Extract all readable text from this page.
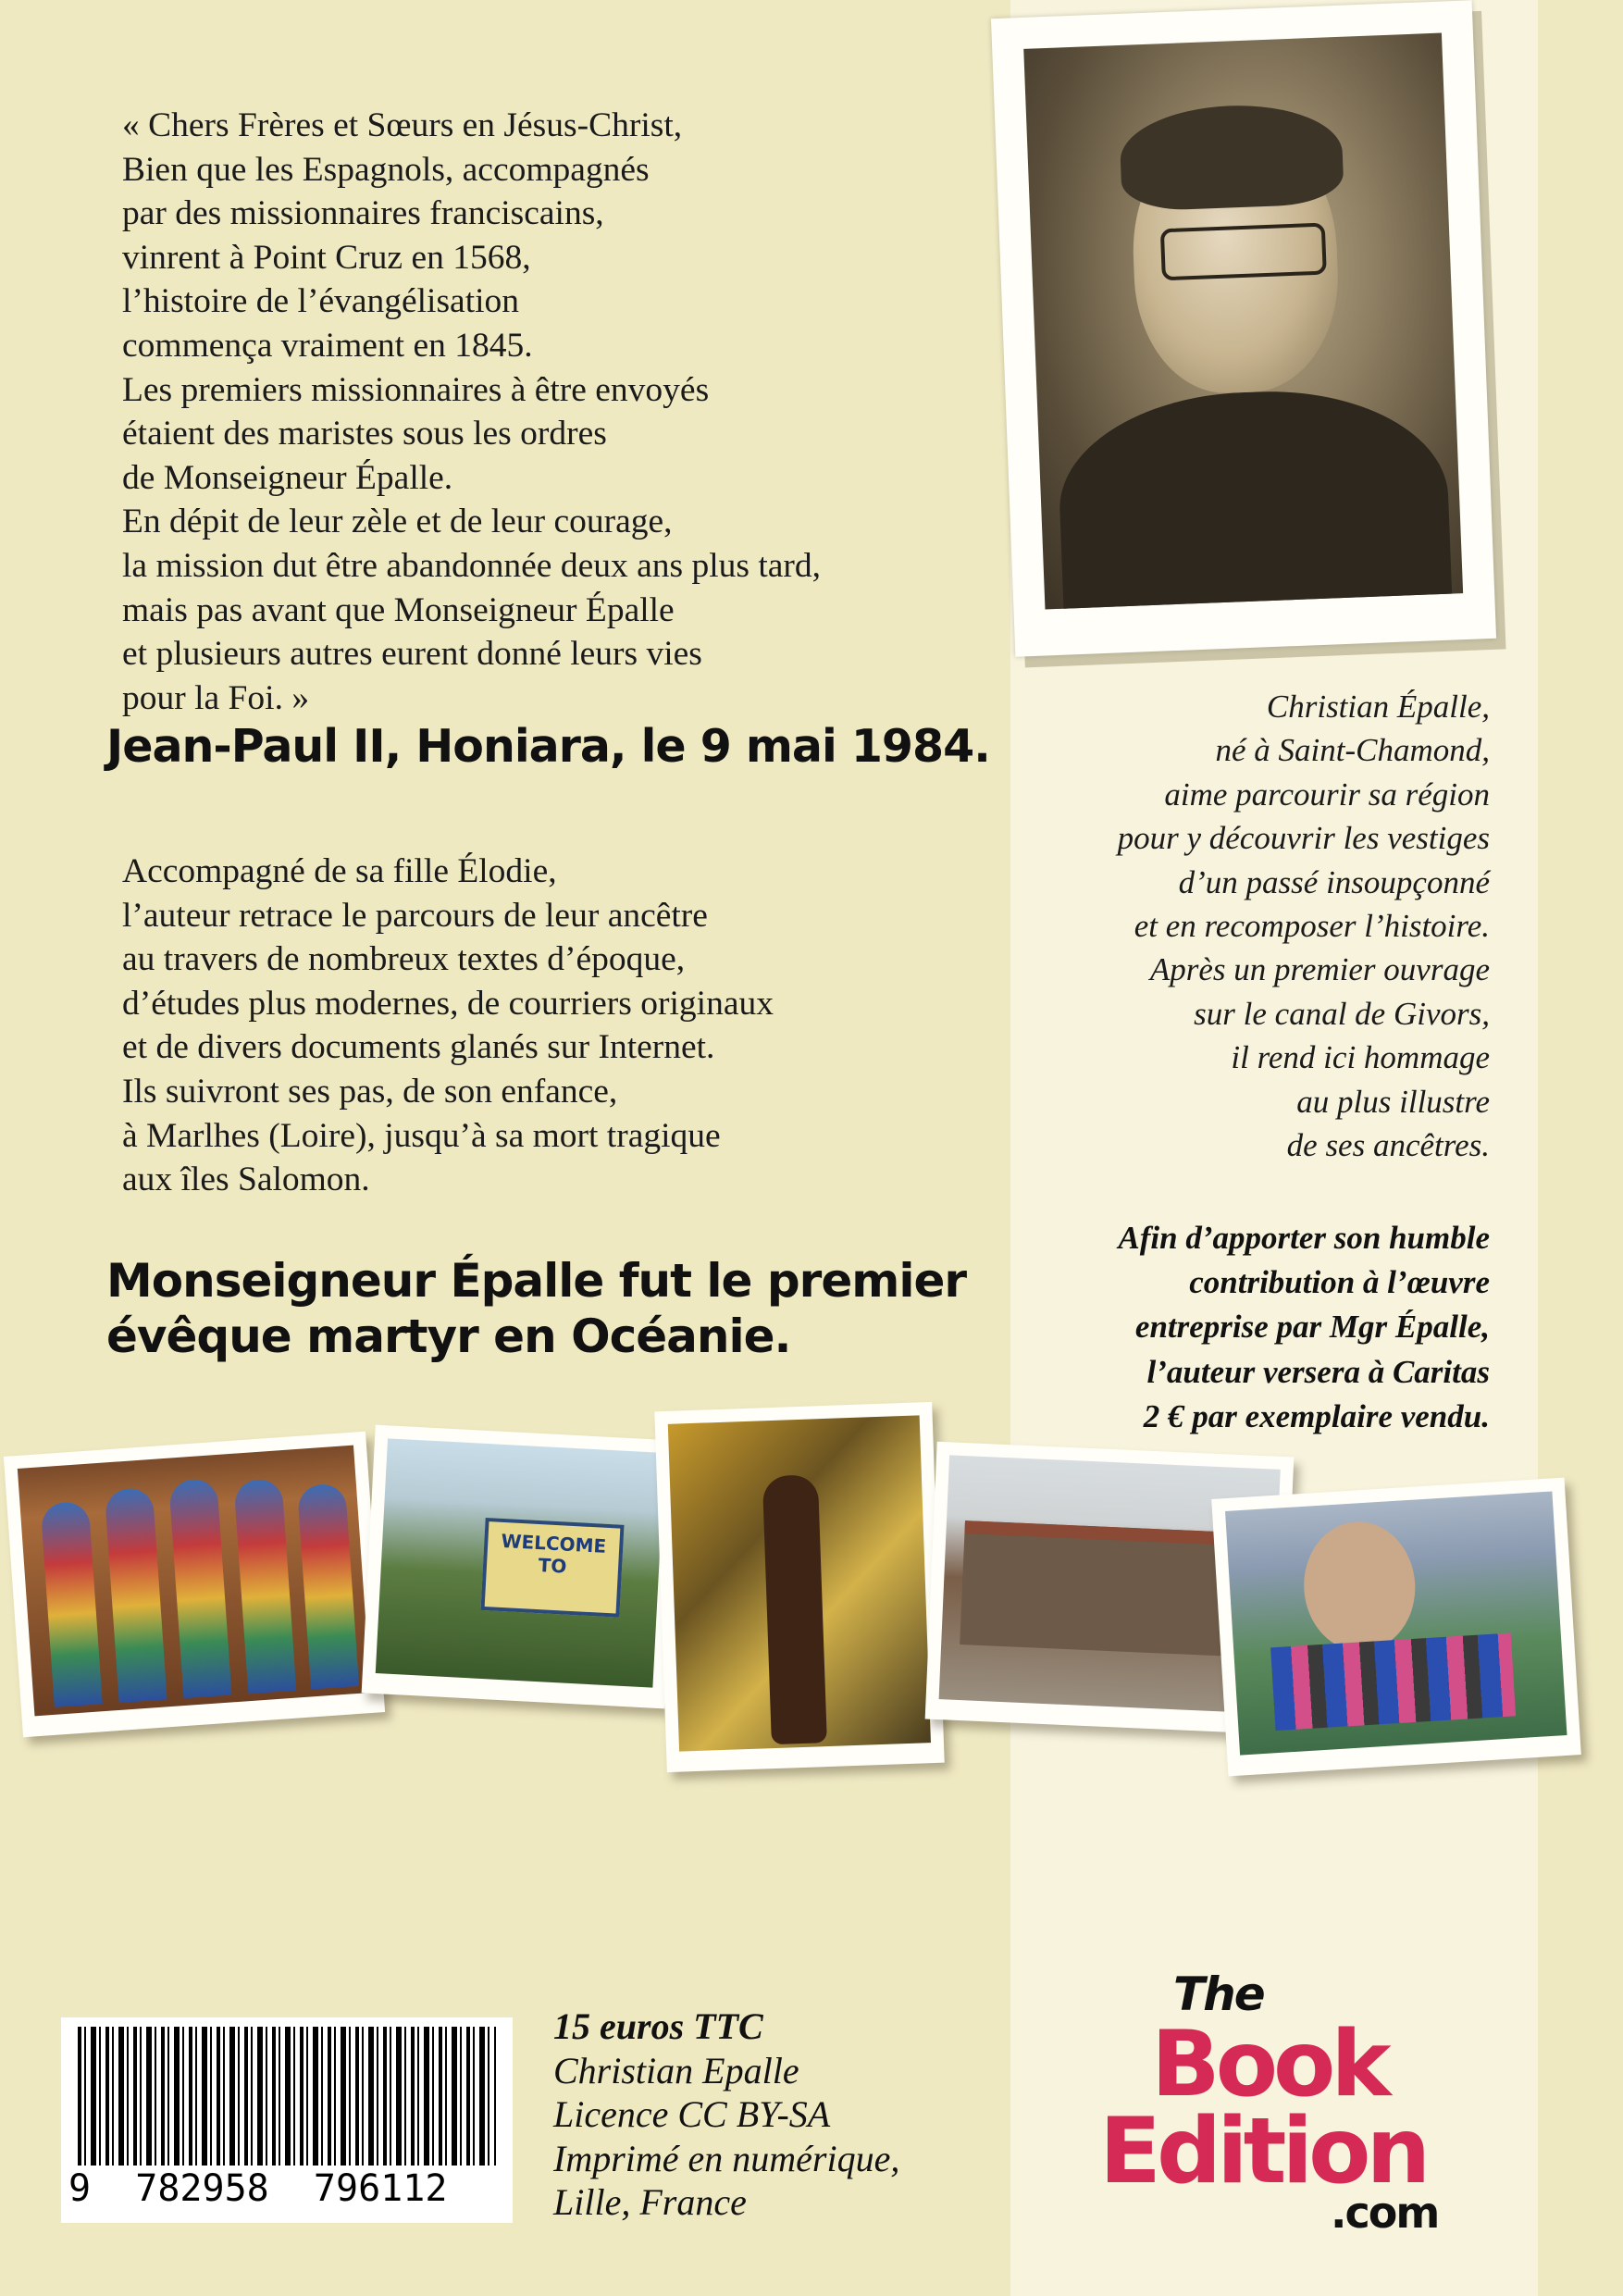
« Chers Frères et Sœurs en Jésus-Christ,
Bien que les Espagnols, accompagnés
par des missionnaires franciscains,
vinrent à Point Cruz en 1568,
l’histoire de l’évangélisation
commença vraiment en 1845.
Les premiers missionnaires à être envoyés
étaient des maristes sous les ordres
de Monseigneur Épalle.
En dépit de leur zèle et de leur courage,
la mission dut être abandonnée deux ans plus tard,
mais pas avant que Monseigneur Épalle
et plusieurs autres eurent donné leurs vies
pour la Foi. »
Jean-Paul II, Honiara, le 9 mai 1984.
Accompagné de sa fille Élodie,
l’auteur retrace le parcours de leur ancêtre
au travers de nombreux textes d’époque,
d’études plus modernes, de courriers originaux
et de divers documents glanés sur Internet.
Ils suivront ses pas, de son enfance,
à Marlhes (Loire), jusqu’à sa mort tragique
aux îles Salomon.
Monseigneur Épalle fut le premier
évêque martyr en Océanie.
Christian Épalle,
né à Saint-Chamond,
aime parcourir sa région
pour y découvrir les vestiges
d’un passé insoupçonné
et en recomposer l’histoire.
Après un premier ouvrage
sur le canal de Givors,
il rend ici hommage
au plus illustre
de ses ancêtres.
Afin d’apporter son humble
contribution à l’œuvre
entreprise par Mgr Épalle,
l’auteur versera à Caritas
2 € par exemplaire vendu.
WELCOME TO
9  782958  796112
15 euros TTC
Christian Epalle
Licence CC BY-SA
Imprimé en numérique,
Lille, France
The
Book
Edition
.com
